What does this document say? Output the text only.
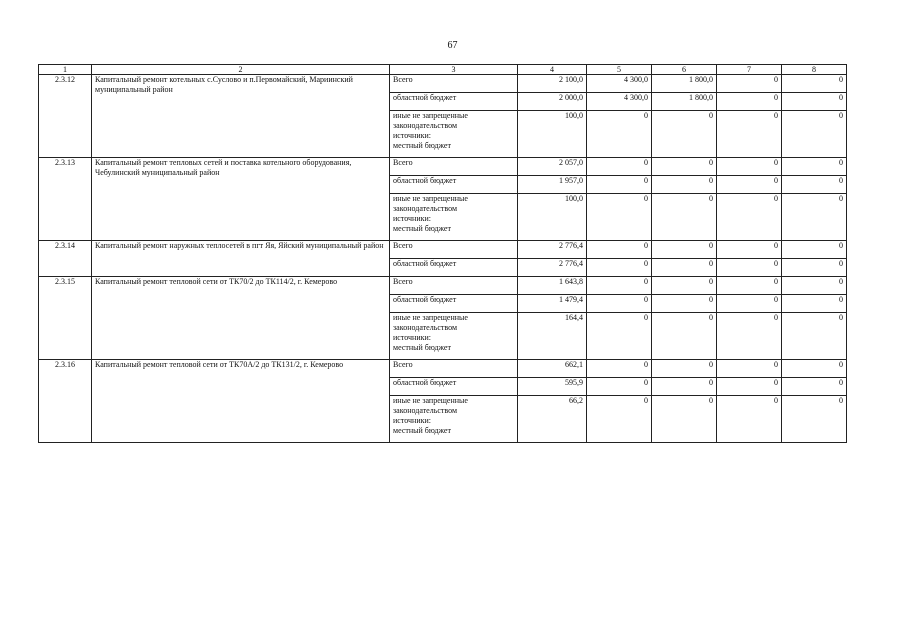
67
1	2	3	4	5	6	7	8
2.3.12	Капитальный ремонт котельных с.Суслово и п.Первомайский, Мариинский муниципальный район	Всего	2 100,0	4 300,0	1 800,0	0	0

		областной бюджет	2 000,0	4 300,0	1 800,0	0	0

		иные не запрещенные
законодательством
источники:
местный бюджет	100,0	0	0	0	0
2.3.13	Капитальный ремонт тепловых сетей и поставка котельного оборудования, Чебулинский муниципальный район	Всего	2 057,0	0	0	0	0

		областной бюджет	1 957,0	0	0	0	0

		иные не запрещенные
законодательством
источники:
местный бюджет	100,0	0	0	0	0
2.3.14	Капитальный ремонт наружных теплосетей в пгт Яя, Яйский муниципальный район	Всего	2 776,4	0	0	0	0

		областной бюджет	2 776,4	0	0	0	0
2.3.15	Капитальный ремонт тепловой сети от ТК70/2 до ТК114/2, г. Кемерово	Всего	1 643,8	0	0	0	0

		областной бюджет	1 479,4	0	0	0	0

		иные не запрещенные
законодательством
источники:
местный бюджет	164,4	0	0	0	0
2.3.16	Капитальный ремонт тепловой сети от ТК70А/2 до ТК131/2, г. Кемерово	Всего	662,1	0	0	0	0

		областной бюджет	595,9	0	0	0	0

		иные не запрещенные
законодательством
источники:
местный бюджет	66,2	0	0	0	0
